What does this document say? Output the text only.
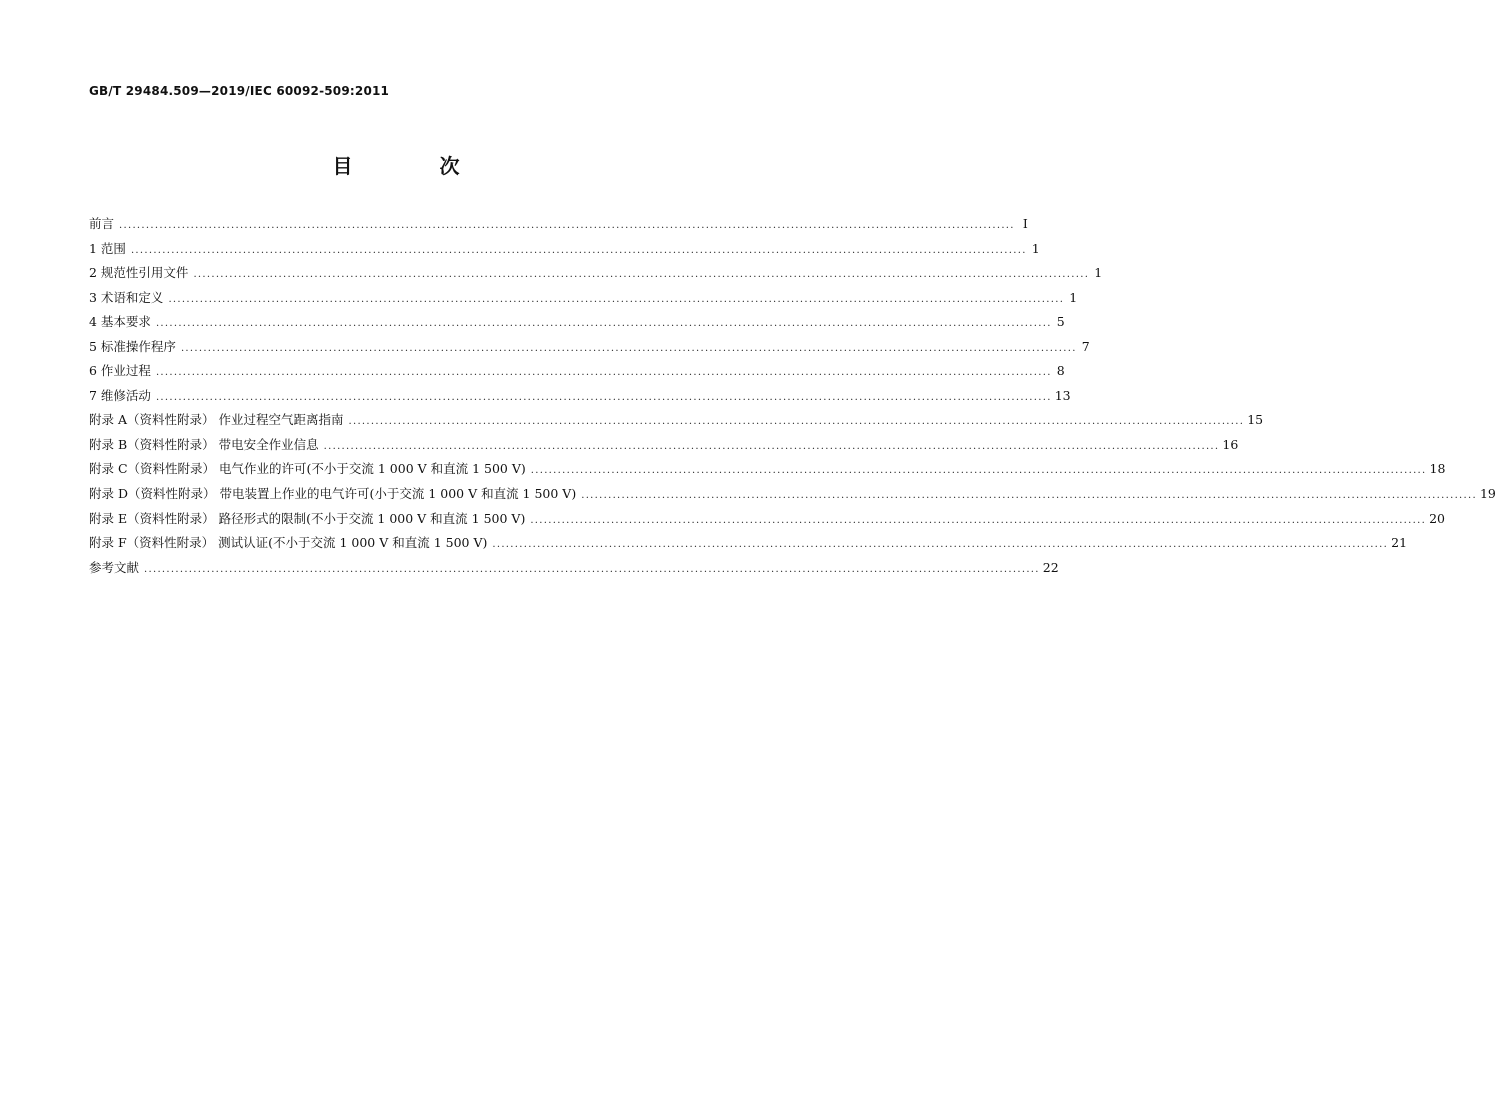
GB/T 29484.509—2019/IEC 60092-509:2011
目 次
前言 ........................................................................................................................................................................................................ Ⅰ
1 范围 ........................................................................................................................................................................................................ 1
2 规范性引用文件 ........................................................................................................................................................................................................ 1
3 术语和定义 ........................................................................................................................................................................................................ 1
4 基本要求 ........................................................................................................................................................................................................ 5
5 标准操作程序 ........................................................................................................................................................................................................ 7
6 作业过程 ........................................................................................................................................................................................................ 8
7 维修活动 ........................................................................................................................................................................................................ 13
附录 A（资料性附录） 作业过程空气距离指南 ........................................................................................................................................................................................................ 15
附录 B（资料性附录） 带电安全作业信息 ........................................................................................................................................................................................................ 16
附录 C（资料性附录） 电气作业的许可(不小于交流 1 000 V 和直流 1 500 V) ........................................................................................................................................................................................................ 18
附录 D（资料性附录） 带电装置上作业的电气许可(小于交流 1 000 V 和直流 1 500 V) ........................................................................................................................................................................................................ 19
附录 E（资料性附录） 路径形式的限制(不小于交流 1 000 V 和直流 1 500 V) ........................................................................................................................................................................................................ 20
附录 F（资料性附录） 测试认证(不小于交流 1 000 V 和直流 1 500 V) ........................................................................................................................................................................................................ 21
参考文献 ........................................................................................................................................................................................................ 22
